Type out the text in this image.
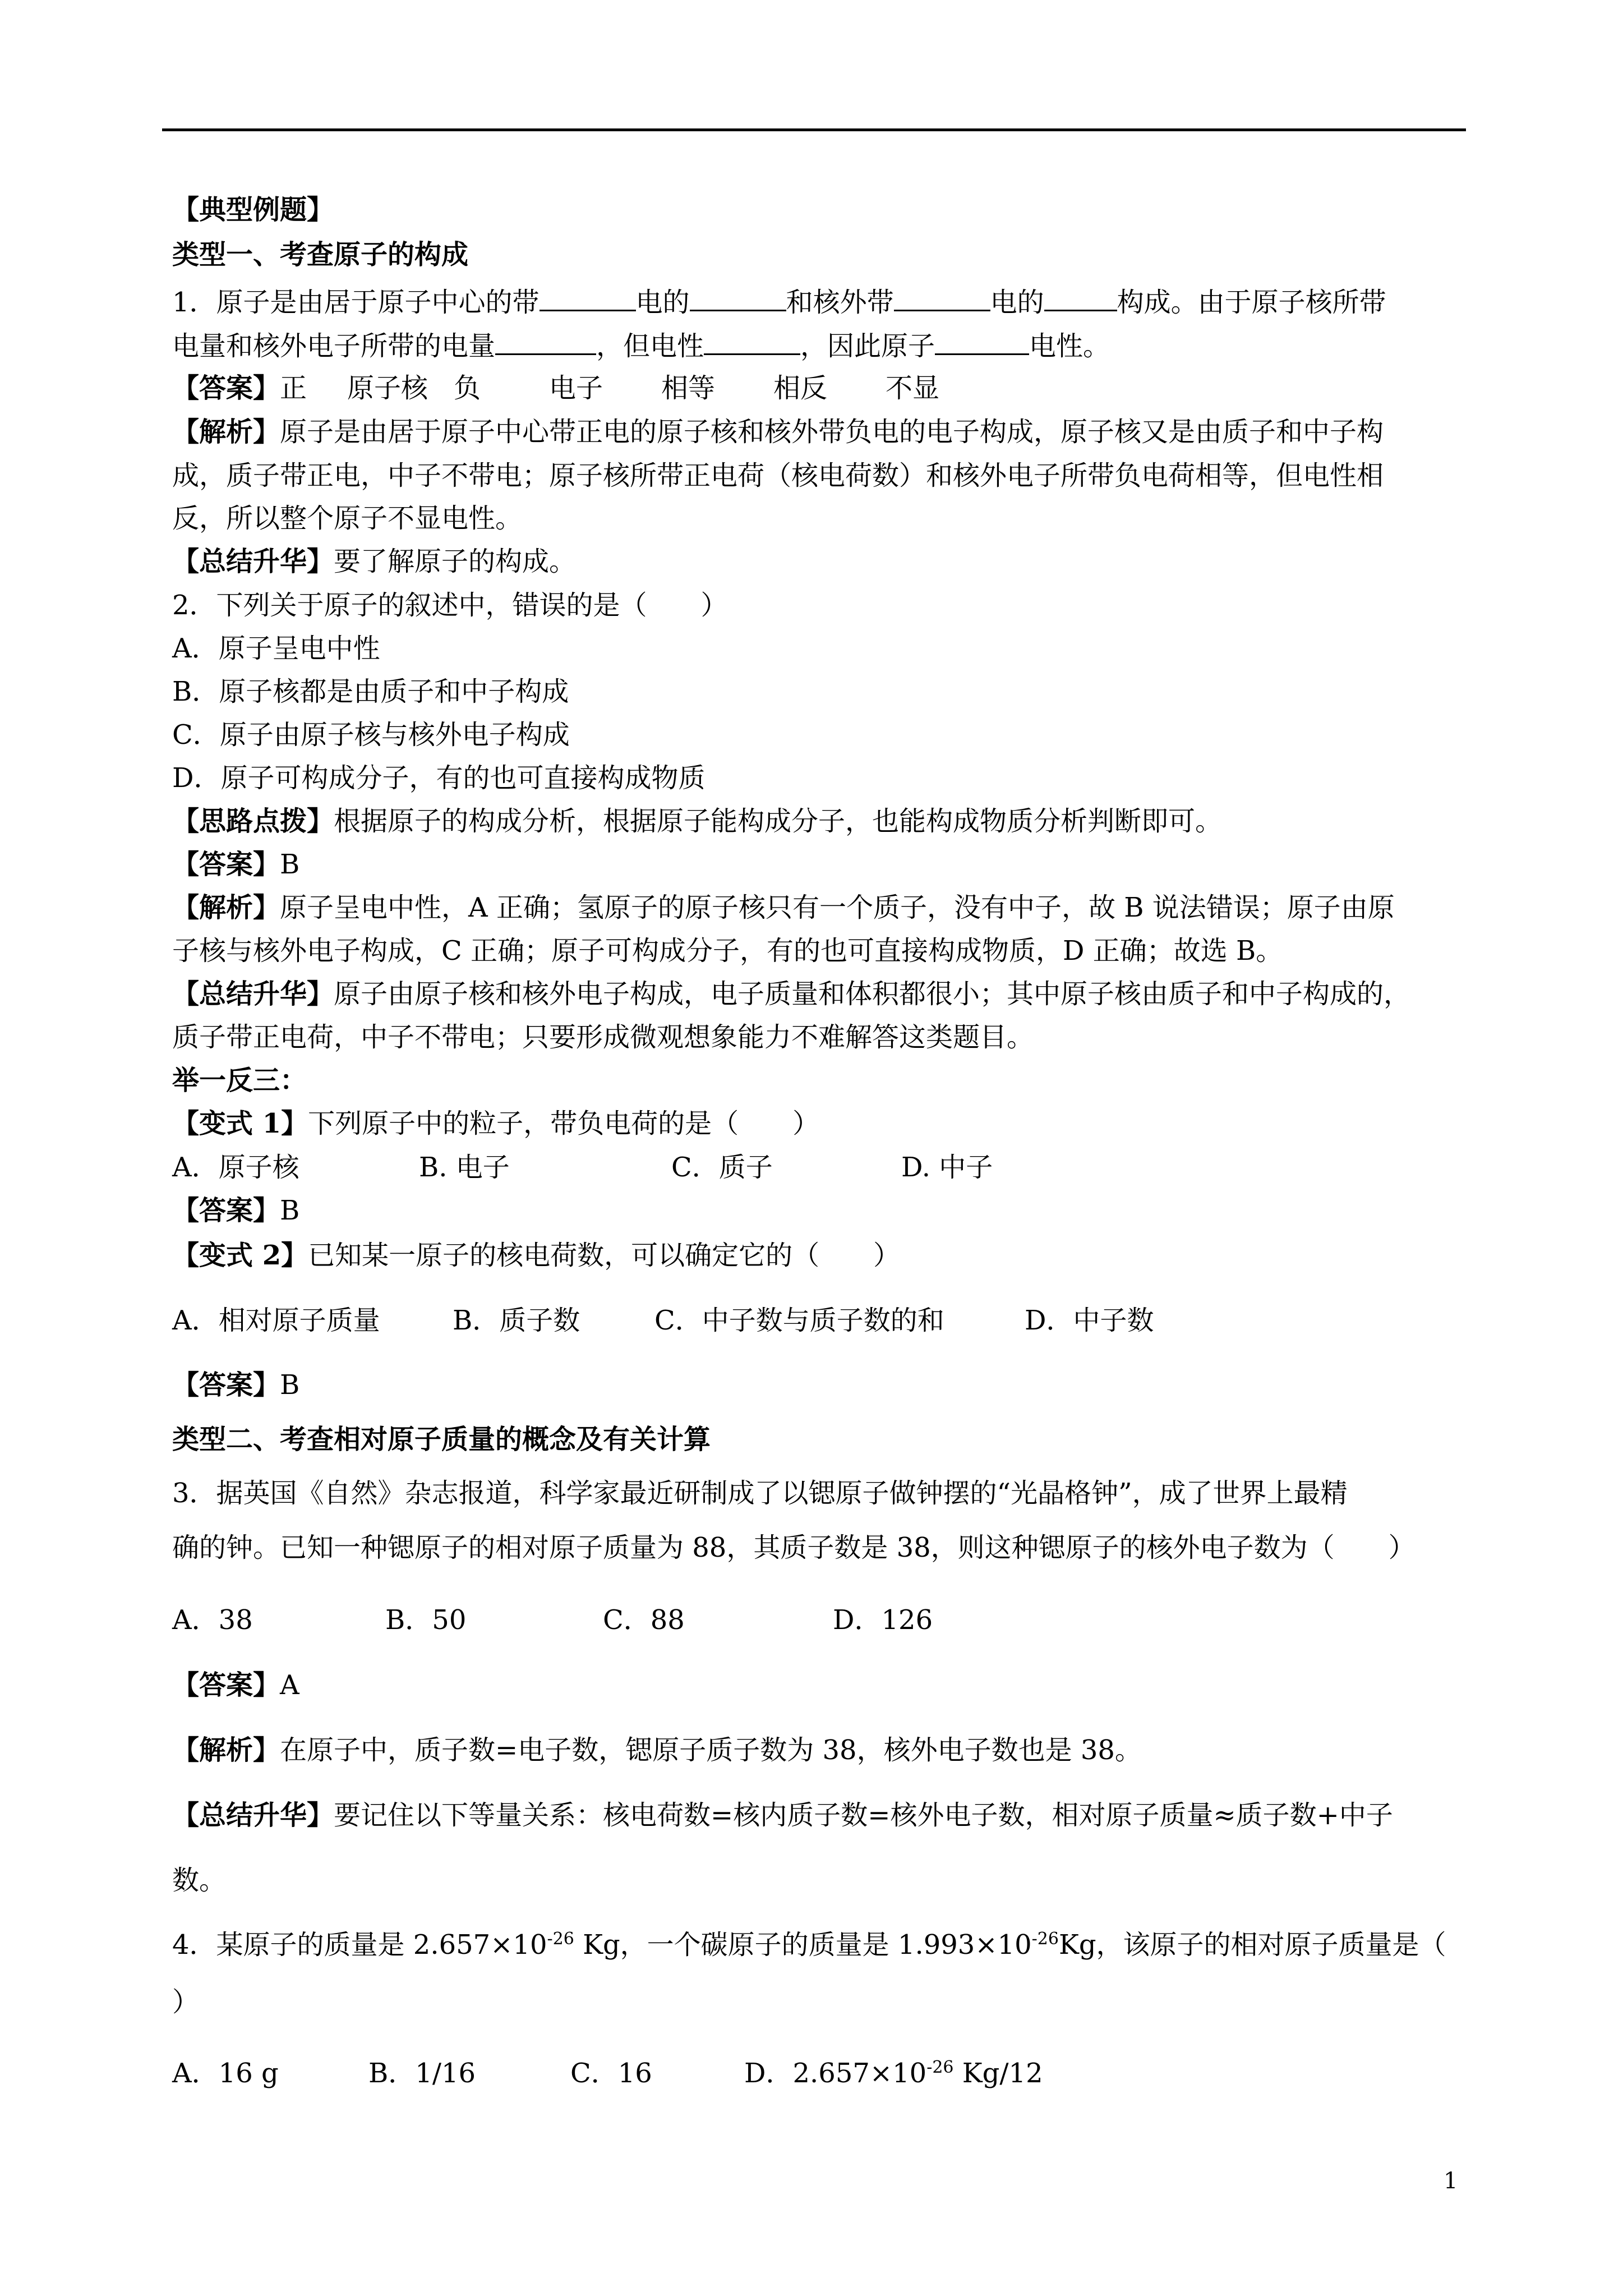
【典型例题】
类型一、考查原子的构成
1．原子是由居于原子中心的带	电的	和核外带	电的	构成。由于原子核所带
电量和核外电子所带的电量	，但电性	，因此原子	电性。
【答案】正 原子核 负	电子 相等 相反 不显
【解析】原子是由居于原子中心带正电的原子核和核外带负电的电子构成，原子核又是由质子和中子构
成，质子带正电，中子不带电；原子核所带正电荷（核电荷数）和核外电子所带负电荷相等，但电性相
反，所以整个原子不显电性。
【总结升华】要了解原子的构成。
2．下列关于原子的叙述中，错误的是（　　）
A．原子呈电中性
B．原子核都是由质子和中子构成
C．原子由原子核与核外电子构成
D．原子可构成分子，有的也可直接构成物质
【思路点拨】根据原子的构成分析，根据原子能构成分子，也能构成物质分析判断即可。
【答案】B
【解析】原子呈电中性，A 正确；氢原子的原子核只有一个质子，没有中子，故 B 说法错误；原子由原
子核与核外电子构成，C 正确；原子可构成分子，有的也可直接构成物质，D 正确；故选 B。
【总结升华】原子由原子核和核外电子构成，电子质量和体积都很小；其中原子核由质子和中子构成的，
质子带正电荷，中子不带电；只要形成微观想象能力不难解答这类题目。
举一反三：
【变式 1】下列原子中的粒子，带负电荷的是（　　）
A．原子核	B. 电子	C．质子	D. 中子
【答案】B
【变式 2】已知某一原子的核电荷数，可以确定它的（　　）
A．相对原子质量	B．质子数	C．中子数与质子数的和	D．中子数
【答案】B
类型二、考查相对原子质量的概念及有关计算
3．据英国《自然》杂志报道，科学家最近研制成了以锶原子做钟摆的“光晶格钟”，成了世界上最精
确的钟。已知一种锶原子的相对原子质量为 88，其质子数是 38，则这种锶原子的核外电子数为（　　）
A．38	B．50	C．88	D．126
【答案】A
【解析】在原子中，质子数=电子数，锶原子质子数为 38，核外电子数也是 38。
【总结升华】要记住以下等量关系：核电荷数=核内质子数=核外电子数，相对原子质量≈质子数+中子
数。
4．某原子的质量是 $2.657\times 10^{-26}$ Kg，一个碳原子的质量是 $1.993\times 10^{-26}Kg$，该原子的相对原子质量是（
）
A．16 g	B．1/16	C．16	D．$2.657\times 10^{-26}$ Kg/12
1
